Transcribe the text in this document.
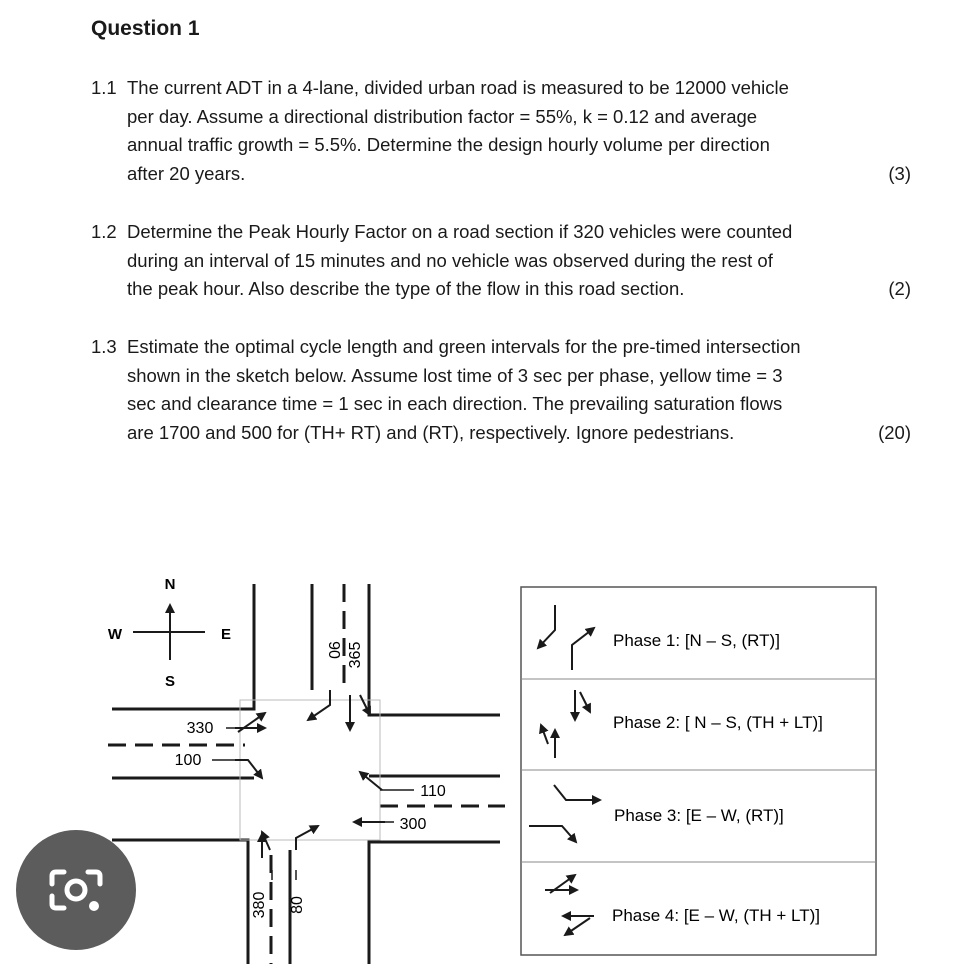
Question 1
1.1 The current ADT in a 4-lane, divided urban road is measured to be 12000 vehicle
per day. Assume a directional distribution factor = 55%, k = 0.12 and average
annual traffic growth = 5.5%. Determine the design hourly volume per direction
after 20 years.	(3)
1.2 Determine the Peak Hourly Factor on a road section if 320 vehicles were counted
during an interval of 15 minutes and no vehicle was observed during the rest of
the peak hour. Also describe the type of the flow in this road section.	(2)
1.3 Estimate the optimal cycle length and green intervals for the pre-timed intersection
shown in the sketch below. Assume lost time of 3 sec per phase, yellow time = 3
sec and clearance time = 1 sec in each direction. The prevailing saturation flows
are 1700 and 500 for (TH+ RT) and (RT), respectively. Ignore pedestrians.	(20)
N
S
E
W
90 365
330
100
110
300
380 80
Phase 1: [N – S, (RT)]
Phase 2: [ N – S, (TH + LT)]
Phase 3: [E – W, (RT)]
Phase 4: [E – W, (TH + LT)]
